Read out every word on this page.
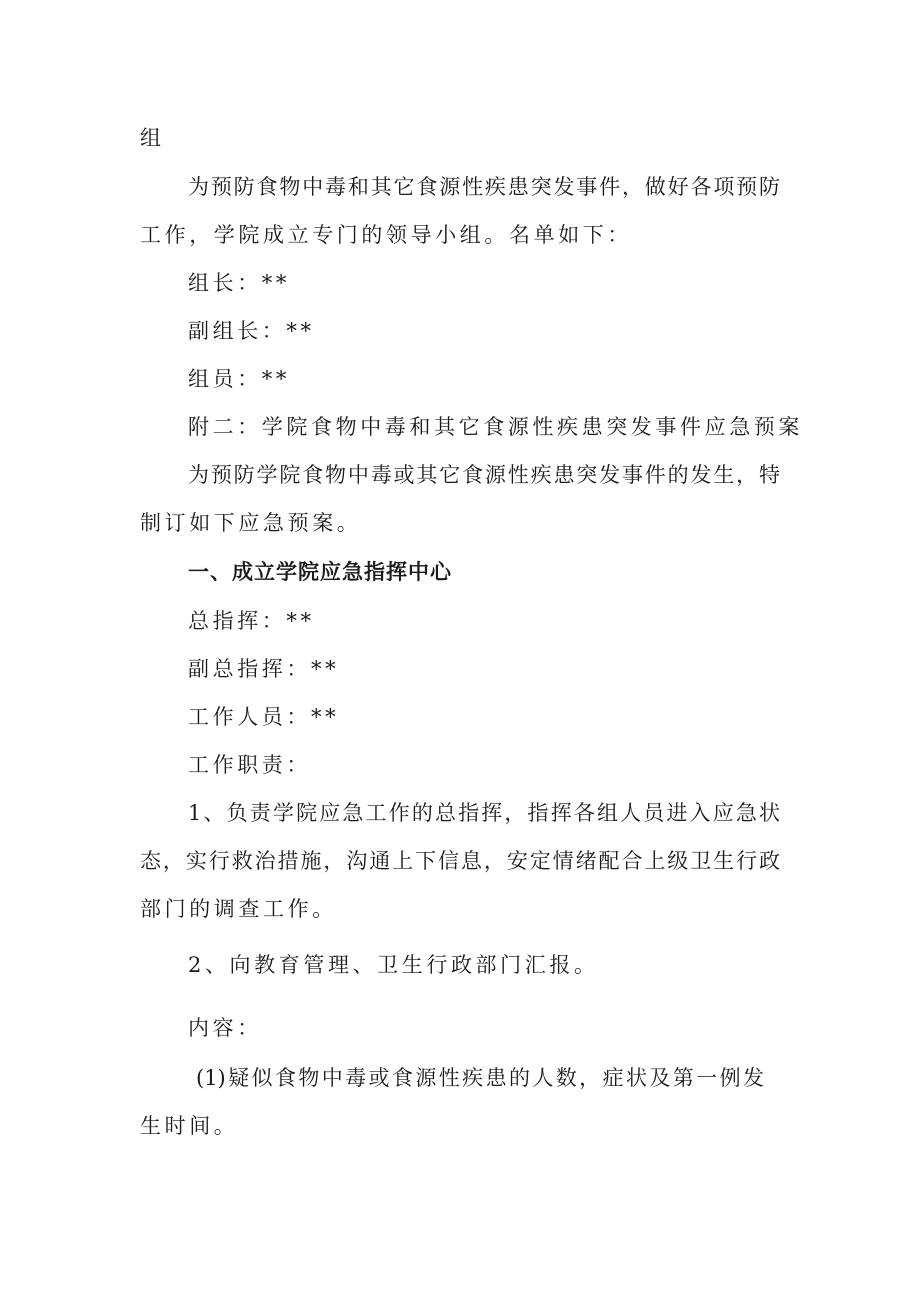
组
为预防食物中毒和其它食源性疾患突发事件，做好各项预防
工作，学院成立专门的领导小组。名单如下：
组长：**
副组长：**
组员：**
附二：学院食物中毒和其它食源性疾患突发事件应急预案
为预防学院食物中毒或其它食源性疾患突发事件的发生，特
制订如下应急预案。
一、成立学院应急指挥中心
总指挥：**
副总指挥：**
工作人员：**
工作职责：
1、负责学院应急工作的总指挥，指挥各组人员进入应急状
态，实行救治措施，沟通上下信息，安定情绪配合上级卫生行政
部门的调查工作。
2、向教育管理、卫生行政部门汇报。
内容：
(1)疑似食物中毒或食源性疾患的人数，症状及第一例发
生时间。
